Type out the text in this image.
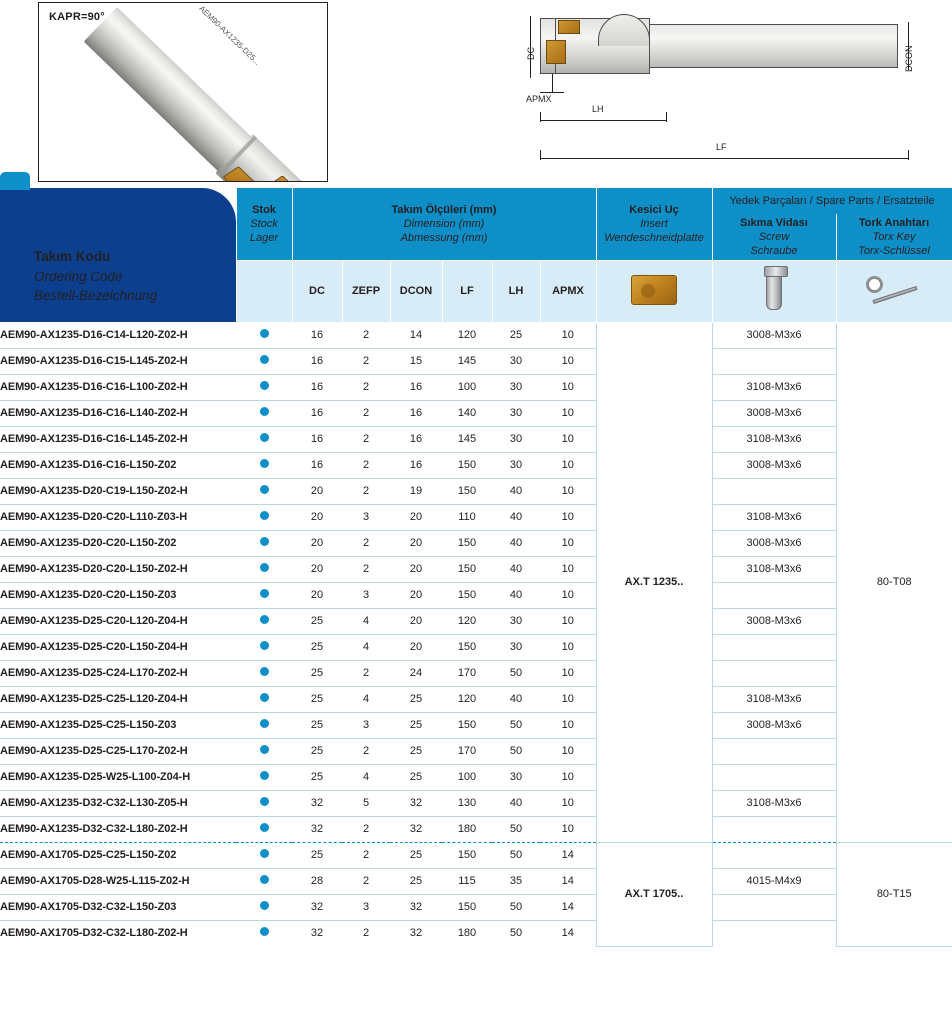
KAPR=90°	AEM90-AX1235-D25...	DC	DCON
APMX
LH
LF
Takım Kodu
Ordering Code
Bestell-Bezeichnung

Stok
Stock
Lager

Takım Ölçüleri (mm)
Dimension (mm)
Abmessung (mm)

Kesici Uç
Insert
Wendeschneidplatte
	Yedek Parçaları / Spare Parts / Ersatzteile

Sıkma Vidası
Screw
Schraube

Tork Anahtarı
Torx Key
Torx-Schlüssel

		DC	ZEFP	DCON	LF	LH	APMX			

AEM90-AX1235-D16-C14-L120-Z02-H		16	2	14	120	25	10	AX.T 1235..	3008-M3x6	80-T08
AEM90-AX1235-D16-C15-L145-Z02-H		16	2	15	145	30	10			
AEM90-AX1235-D16-C16-L100-Z02-H		16	2	16	100	30	10		3108-M3x6	
AEM90-AX1235-D16-C16-L140-Z02-H		16	2	16	140	30	10		3008-M3x6	
AEM90-AX1235-D16-C16-L145-Z02-H		16	2	16	145	30	10		3108-M3x6	
AEM90-AX1235-D16-C16-L150-Z02		16	2	16	150	30	10		3008-M3x6	
AEM90-AX1235-D20-C19-L150-Z02-H		20	2	19	150	40	10			
AEM90-AX1235-D20-C20-L110-Z03-H		20	3	20	110	40	10		3108-M3x6	
AEM90-AX1235-D20-C20-L150-Z02		20	2	20	150	40	10		3008-M3x6	
AEM90-AX1235-D20-C20-L150-Z02-H		20	2	20	150	40	10		3108-M3x6	
AEM90-AX1235-D20-C20-L150-Z03		20	3	20	150	40	10			
AEM90-AX1235-D25-C20-L120-Z04-H		25	4	20	120	30	10		3008-M3x6	
AEM90-AX1235-D25-C20-L150-Z04-H		25	4	20	150	30	10			
AEM90-AX1235-D25-C24-L170-Z02-H		25	2	24	170	50	10			
AEM90-AX1235-D25-C25-L120-Z04-H		25	4	25	120	40	10		3108-M3x6	
AEM90-AX1235-D25-C25-L150-Z03		25	3	25	150	50	10		3008-M3x6	
AEM90-AX1235-D25-C25-L170-Z02-H		25	2	25	170	50	10			
AEM90-AX1235-D25-W25-L100-Z04-H		25	4	25	100	30	10			
AEM90-AX1235-D32-C32-L130-Z05-H		32	5	32	130	40	10		3108-M3x6	
AEM90-AX1235-D32-C32-L180-Z02-H		32	2	32	180	50	10			
AEM90-AX1705-D25-C25-L150-Z02		25	2	25	150	50	14	AX.T 1705..		80-T15
AEM90-AX1705-D28-W25-L115-Z02-H		28	2	25	115	35	14		4015-M4x9	
AEM90-AX1705-D32-C32-L150-Z03		32	3	32	150	50	14			
AEM90-AX1705-D32-C32-L180-Z02-H		32	2	32	180	50	14			
